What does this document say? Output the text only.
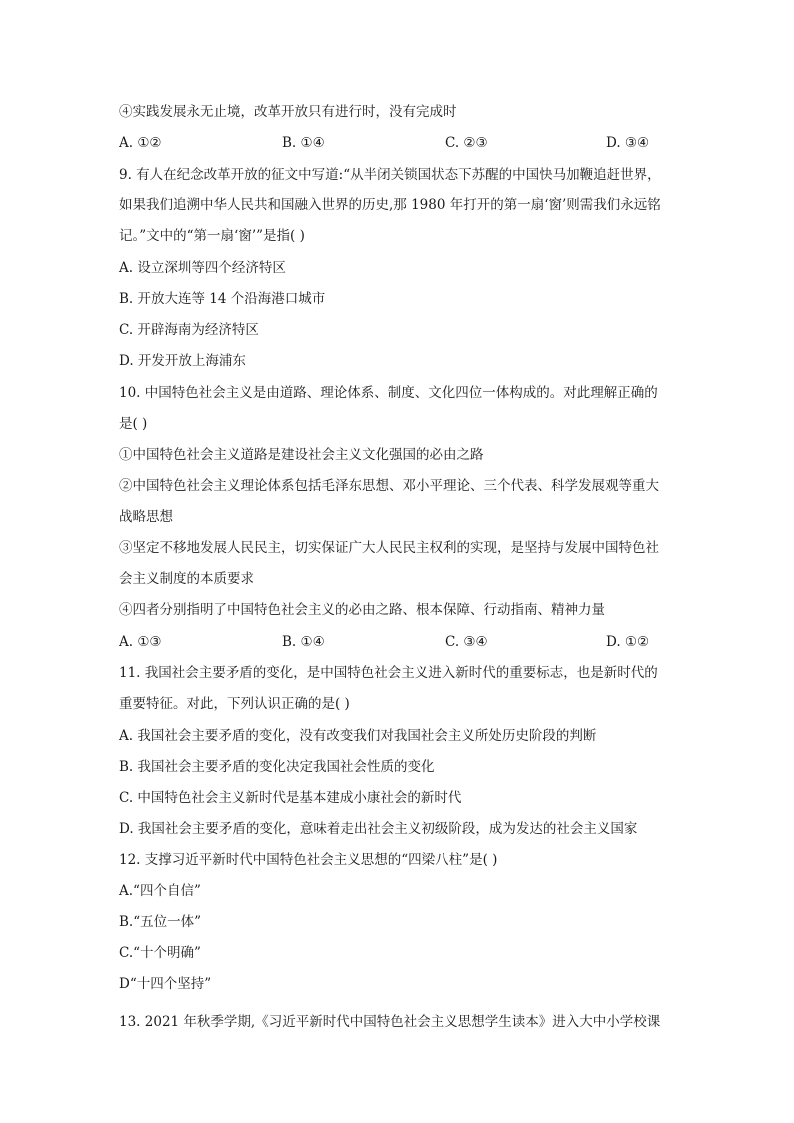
④实践发展永无止境，改革开放只有进行时，没有完成时
A. ①②	B. ①④	C. ②③	D. ③④
9. 有人在纪念改革开放的征文中写道:“从半闭关锁国状态下苏醒的中国快马加鞭追赶世界，
如果我们追溯中华人民共和国融入世界的历史,那 1980 年打开的第一扇‘窗’则需我们永远铭
记。”文中的“第一扇‘窗’”是指( )
A. 设立深圳等四个经济特区
B. 开放大连等 14 个沿海港口城市
C. 开辟海南为经济特区
D. 开发开放上海浦东
10. 中国特色社会主义是由道路、理论体系、制度、文化四位一体构成的。对此理解正确的
是( )
①中国特色社会主义道路是建设社会主义文化强国的必由之路
②中国特色社会主义理论体系包括毛泽东思想、邓小平理论、三个代表、科学发展观等重大
战略思想
③坚定不移地发展人民民主，切实保证广大人民民主权利的实现，是坚持与发展中国特色社
会主义制度的本质要求
④四者分别指明了中国特色社会主义的必由之路、根本保障、行动指南、精神力量
A. ①③	B. ①④	C. ③④	D. ①②
11. 我国社会主要矛盾的变化，是中国特色社会主义进入新时代的重要标志，也是新时代的
重要特征。对此，下列认识正确的是( )
A. 我国社会主要矛盾的变化，没有改变我们对我国社会主义所处历史阶段的判断
B. 我国社会主要矛盾的变化决定我国社会性质的变化
C. 中国特色社会主义新时代是基本建成小康社会的新时代
D. 我国社会主要矛盾的变化，意味着走出社会主义初级阶段，成为发达的社会主义国家
12. 支撑习近平新时代中国特色社会主义思想的“四梁八柱”是( )
A.“四个自信”
B.“五位一体”
C.“十个明确”
D“十四个坚持”
13. 2021 年秋季学期,《习近平新时代中国特色社会主义思想学生读本》进入大中小学校课
